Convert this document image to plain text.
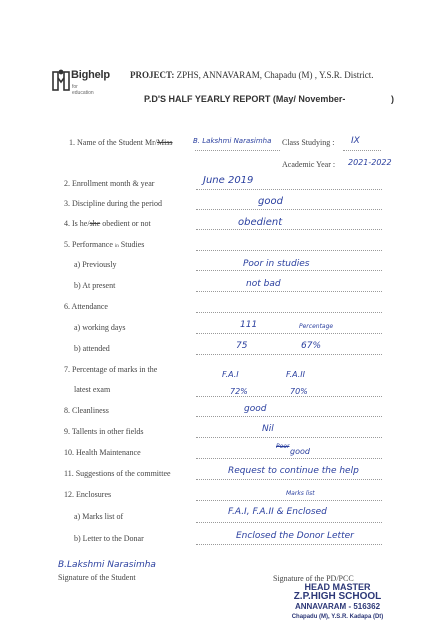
Bighelp
for education
PROJECT: ZPHS, ANNAVARAM, Chapadu (M) , Y.S.R. District.
P.D'S HALF YEARLY REPORT (May/ November-	)
1. Name of the Student Mr/Miss	B. Lakshmi Narasimha Class Studying : IX
Academic Year : 2021-2022
2. Enrollment month & year	June 2019
3. Discipline during the period	good
4. Is he/she obedient or not	obedient
5. Performance in Studies
a) Previously	Poor in studies
b) At present	not bad
6. Attendance
a) working days	111	Percentage
b) attended	75	67%
7. Percentage of marks in the
latest exam
F.A.I	F.A.II
72%	70%
8. Cleanliness	good
9. Tallents in other fields	Nil
10. Health Maintenance
Poor
good
11. Suggestions of the committee	Request to continue the help
12. Enclosures
a) Marks list of
Marks list
F.A.I, F.A.II & Enclosed
b) Letter to the Donar	Enclosed the Donor Letter
B.Lakshmi Narasimha
Signature of the Student	Signature of the PD/PCC
HEAD MASTER
Z.P.HIGH SCHOOL
ANNAVARAM - 516362
Chapadu (M), Y.S.R. Kadapa (Dt)
